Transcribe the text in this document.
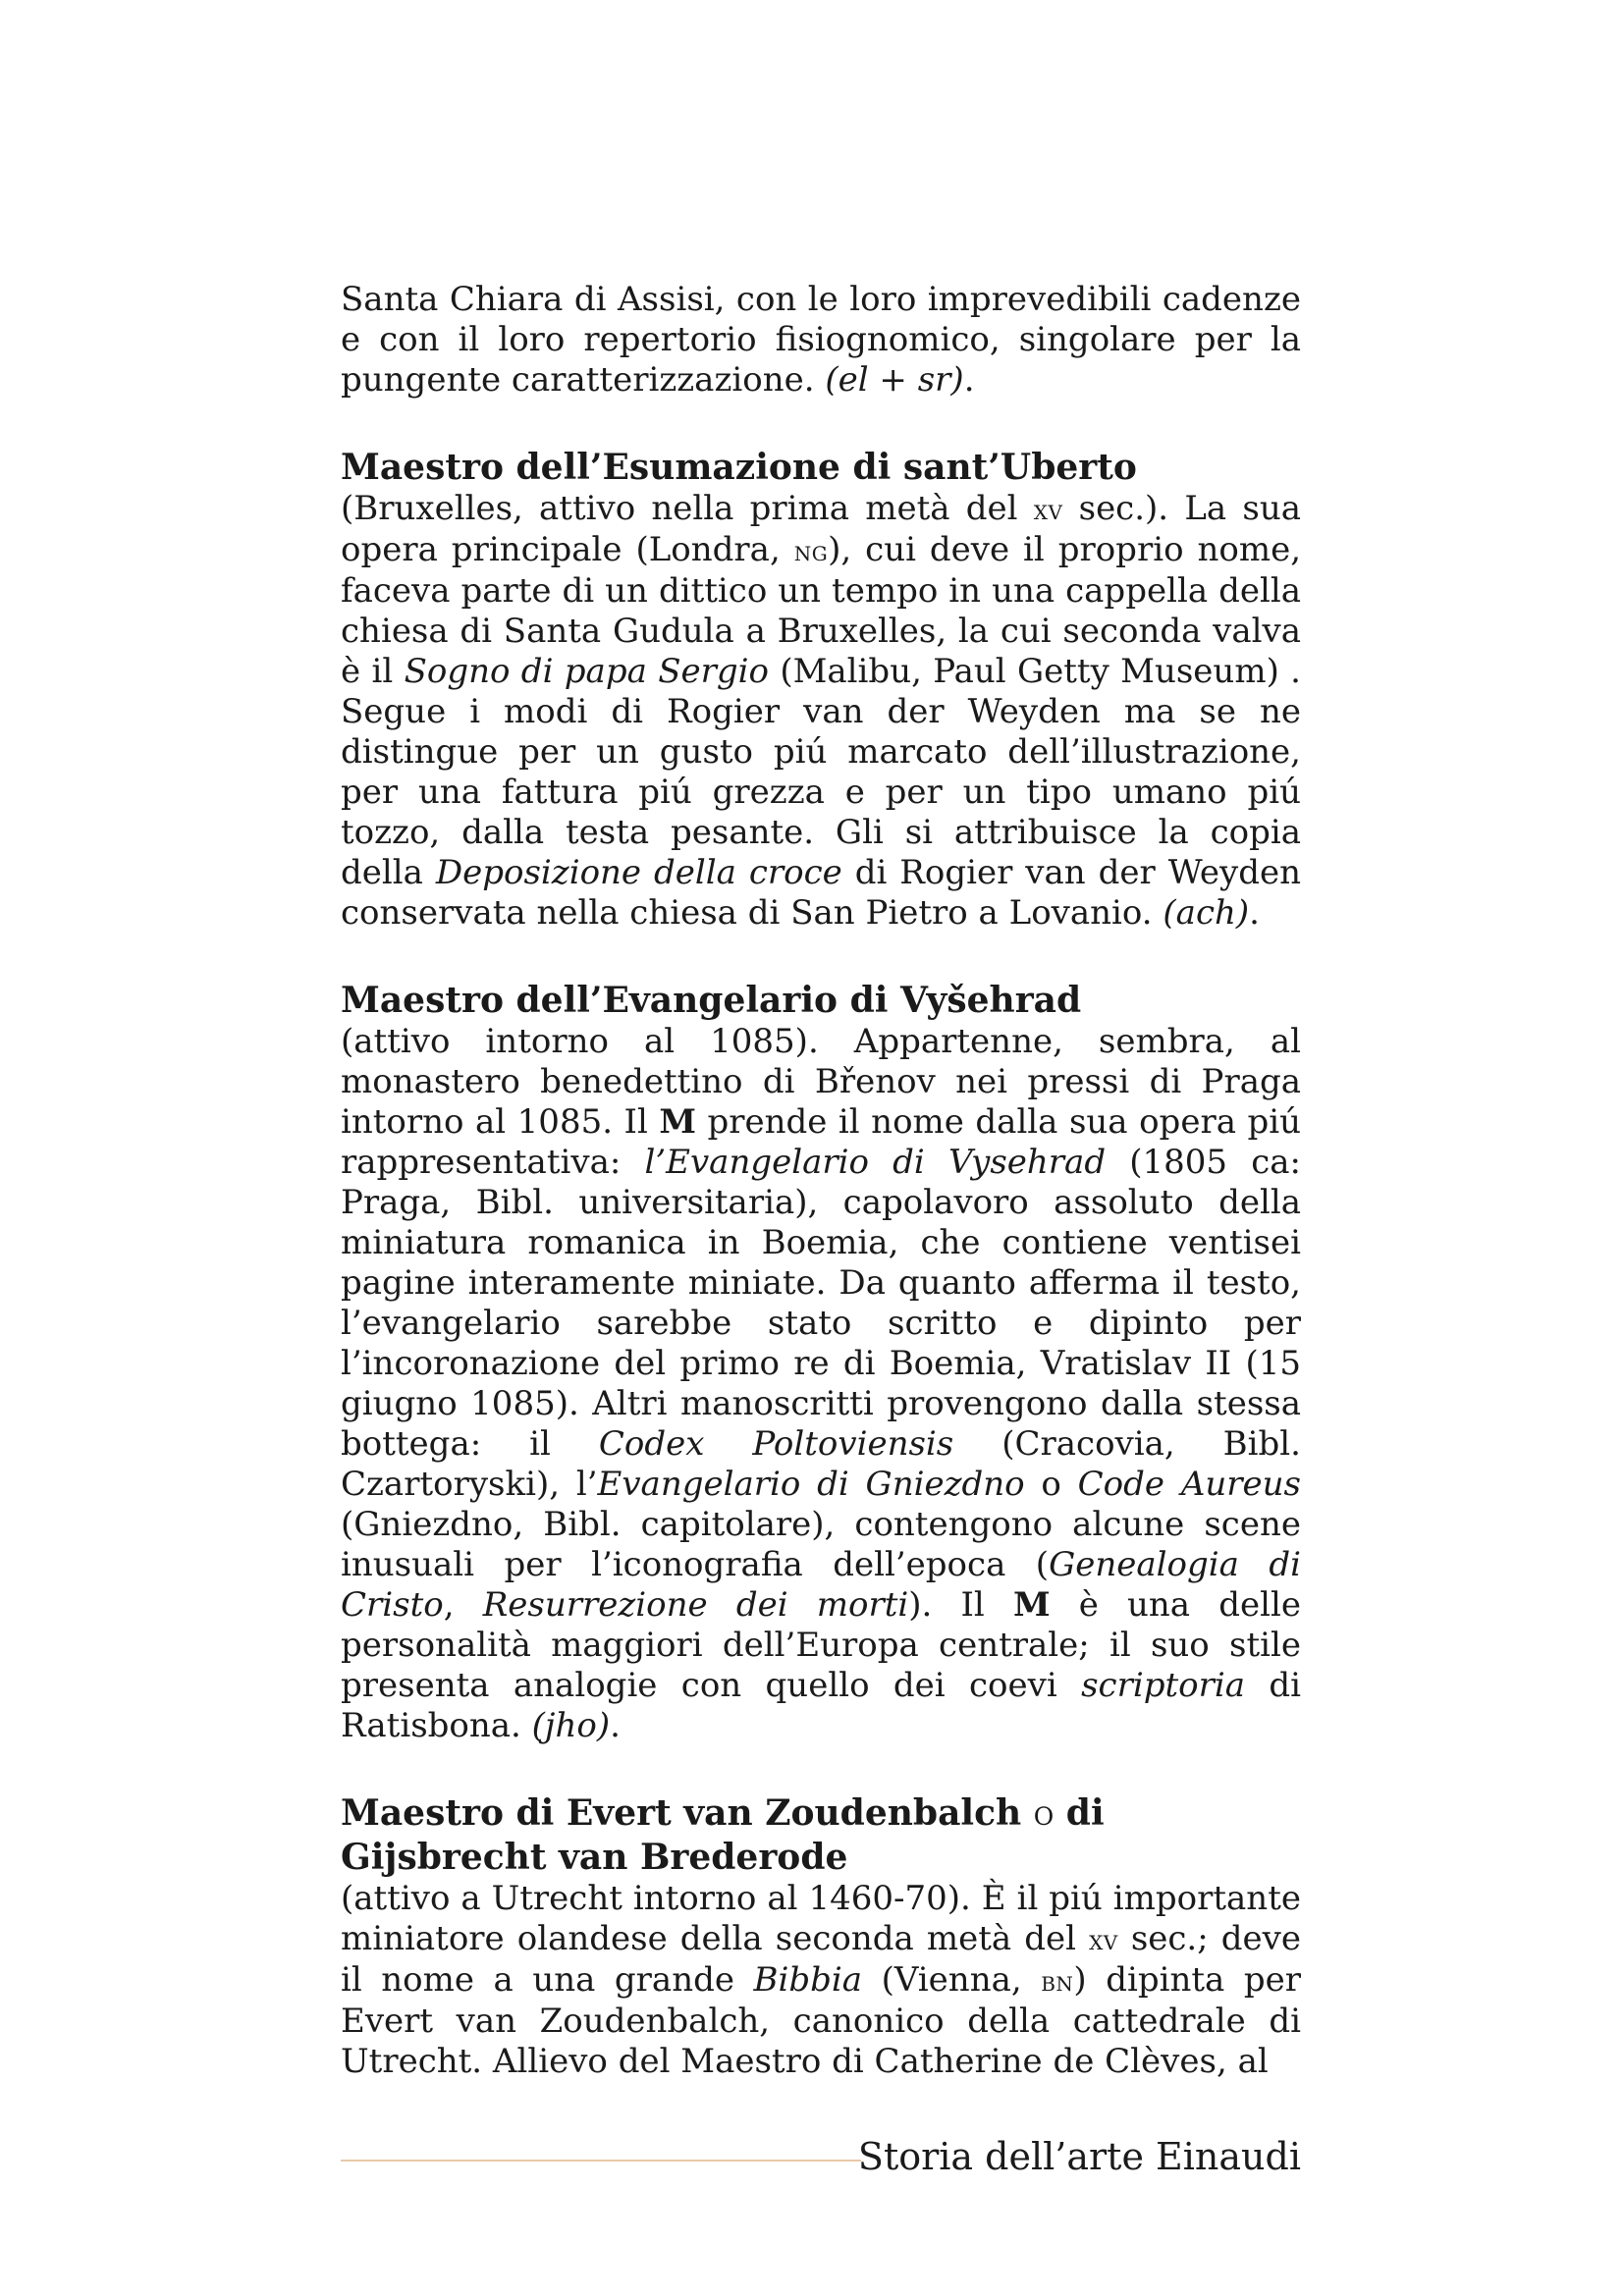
Santa Chiara di Assisi, con le loro imprevedibili cadenze e con il loro repertorio fisiognomico, singolare per la pungente caratterizzazione. (el + sr).

Maestro dell’Esumazione di sant’Uberto

(Bruxelles, attivo nella prima metà del xv sec.). La sua opera principale (Londra, ng), cui deve il proprio nome, faceva parte di un dittico un tempo in una cappella della chiesa di Santa Gudula a Bruxelles, la cui seconda valva è il Sogno di papa Sergio (Malibu, Paul Getty Museum) . Segue i modi di Rogier van der Weyden ma se ne distingue per un gusto piú marcato dell’illustrazione, per una fattura piú grezza e per un tipo umano piú tozzo, dalla testa pesante. Gli si attribuisce la copia della Deposizione della croce di Rogier van der Weyden conservata nella chiesa di San Pietro a Lovanio. (ach).

Maestro dell’Evangelario di Vyšehrad

(attivo intorno al 1085). Appartenne, sembra, al monastero benedettino di Břenov nei pressi di Praga intorno al 1085. Il M prende il nome dalla sua opera piú rappresentativa: l’Evangelario di Vysehrad (1805 ca: Praga, Bibl. universitaria), capolavoro assoluto della miniatura romanica in Boemia, che contiene ventisei pagine interamente miniate. Da quanto afferma il testo, l’evangelario sarebbe stato scritto e dipinto per l’incoronazione del primo re di Boemia, Vratislav II (15 giugno 1085). Altri manoscritti provengono dalla stessa bottega: il Codex Poltoviensis (Cracovia, Bibl. Czartoryski), l’Evangelario di Gniezdno o Code Aureus (Gniezdno, Bibl. capitolare), contengono alcune scene inusuali per l’iconografia dell’epoca (Genealogia di Cristo, Resurrezione dei morti). Il M è una delle personalità maggiori dell’Europa centrale; il suo stile presenta analogie con quello dei coevi scriptoria di Ratisbona. (jho).

Maestro di Evert van Zoudenbalch o di Gijsbrecht van Brederode

(attivo a Utrecht intorno al 1460-70). È il piú importante miniatore olandese della seconda metà del xv sec.; deve il nome a una grande Bibbia (Vienna, bn) dipinta per Evert van Zoudenbalch, canonico della cattedrale di Utrecht. Allievo del Maestro di Catherine de Clèves, al

Storia dell’arte Einaudi
